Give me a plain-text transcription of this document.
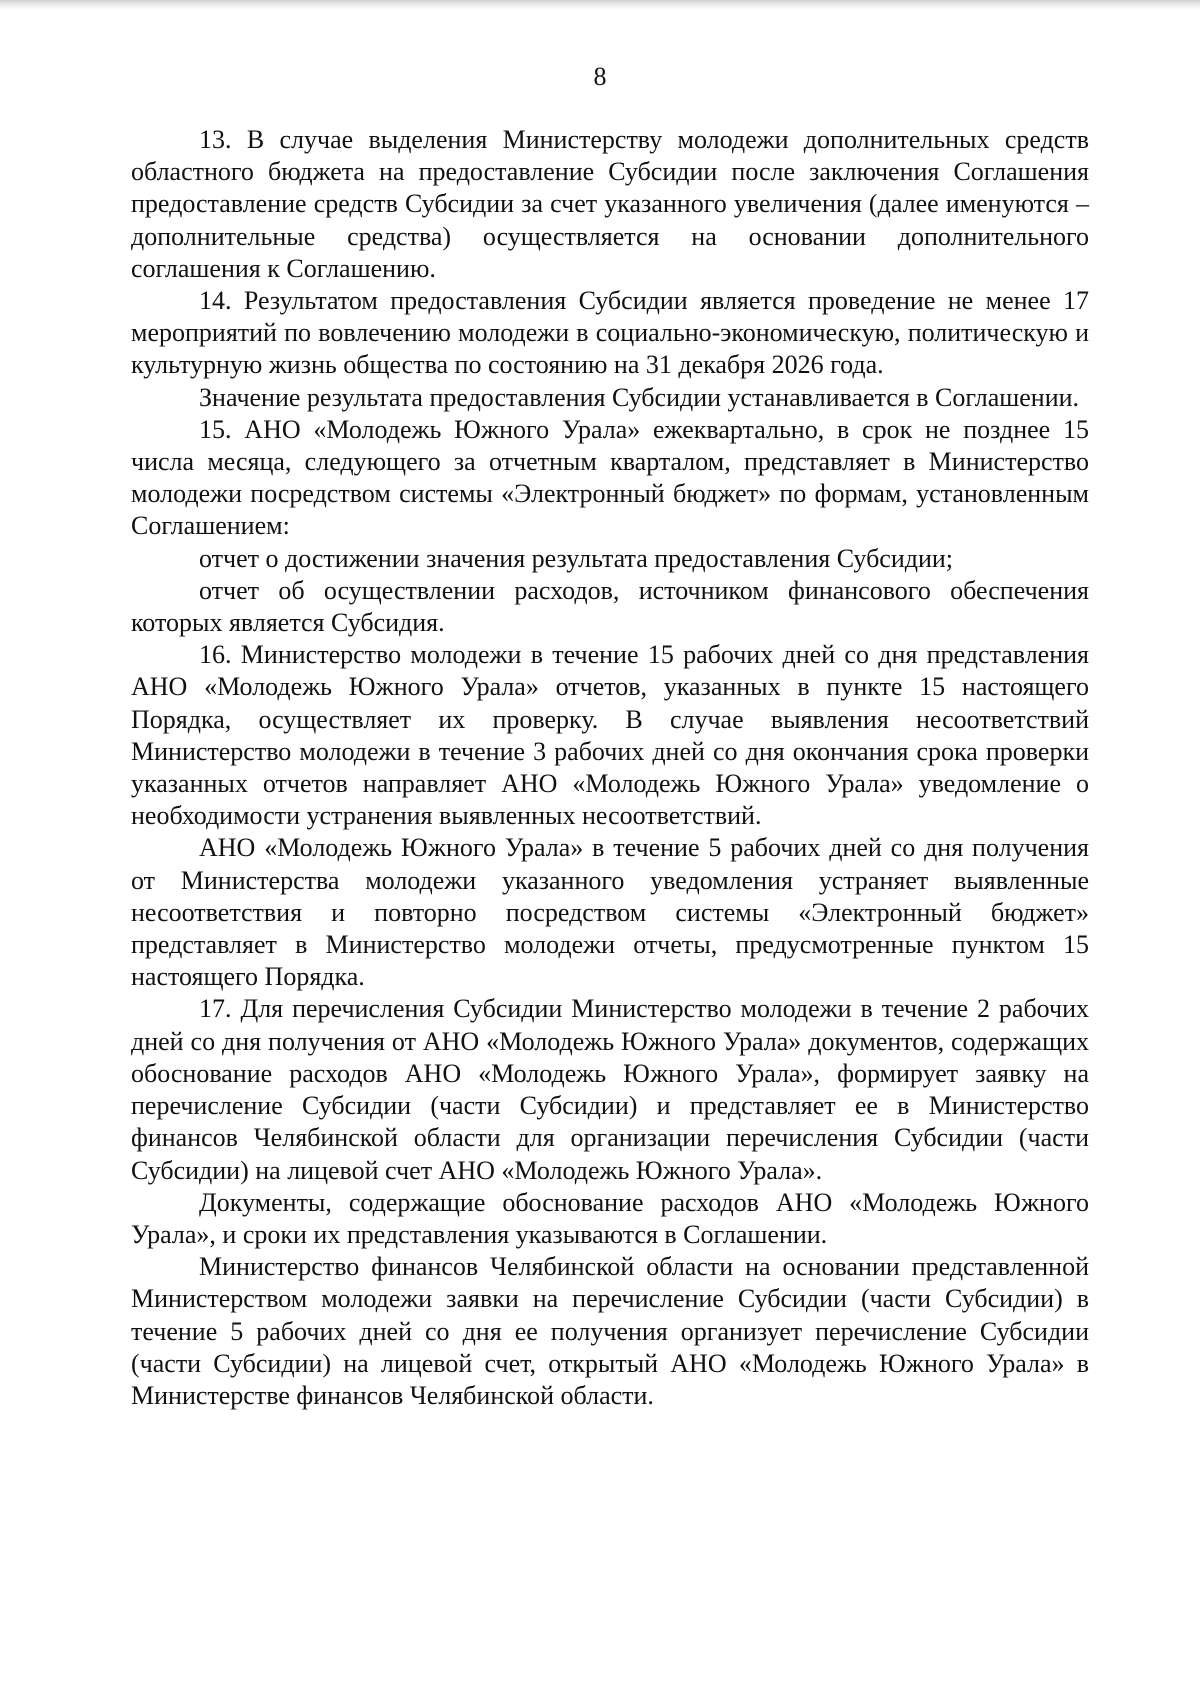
8

13. В случае выделения Министерству молодежи дополнительных средств областного бюджета на предоставление Субсидии после заключения Соглашения предоставление средств Субсидии за счет указанного увеличения (далее именуются – дополнительные средства) осуществляется на основании дополнительного соглашения к Соглашению.

14. Результатом предоставления Субсидии является проведение не менее 17 мероприятий по вовлечению молодежи в социально-экономическую, политическую и культурную жизнь общества по состоянию на 31 декабря 2026 года.

Значение результата предоставления Субсидии устанавливается в Соглашении.

15. АНО «Молодежь Южного Урала» ежеквартально, в срок не позднее 15 числа месяца, следующего за отчетным кварталом, представляет в Министерство молодежи посредством системы «Электронный бюджет» по формам, установленным Соглашением:

отчет о достижении значения результата предоставления Субсидии;

отчет об осуществлении расходов, источником финансового обеспечения которых является Субсидия.

16. Министерство молодежи в течение 15 рабочих дней со дня представления АНО «Молодежь Южного Урала» отчетов, указанных в пункте 15 настоящего Порядка, осуществляет их проверку. В случае выявления несоответствий Министерство молодежи в течение 3 рабочих дней со дня окончания срока проверки указанных отчетов направляет АНО «Молодежь Южного Урала» уведомление о необходимости устранения выявленных несоответствий.

АНО «Молодежь Южного Урала» в течение 5 рабочих дней со дня получения от Министерства молодежи указанного уведомления устраняет выявленные несоответствия и повторно посредством системы «Электронный бюджет» представляет в Министерство молодежи отчеты, предусмотренные пунктом 15 настоящего Порядка.

17. Для перечисления Субсидии Министерство молодежи в течение 2 рабочих дней со дня получения от АНО «Молодежь Южного Урала» документов, содержащих обоснование расходов АНО «Молодежь Южного Урала», формирует заявку на перечисление Субсидии (части Субсидии) и представляет ее в Министерство финансов Челябинской области для организации перечисления Субсидии (части Субсидии) на лицевой счет АНО «Молодежь Южного Урала».

Документы, содержащие обоснование расходов АНО «Молодежь Южного Урала», и сроки их представления указываются в Соглашении.

Министерство финансов Челябинской области на основании представленной Министерством молодежи заявки на перечисление Субсидии (части Субсидии) в течение 5 рабочих дней со дня ее получения организует перечисление Субсидии (части Субсидии) на лицевой счет, открытый АНО «Молодежь Южного Урала» в Министерстве финансов Челябинской области.
